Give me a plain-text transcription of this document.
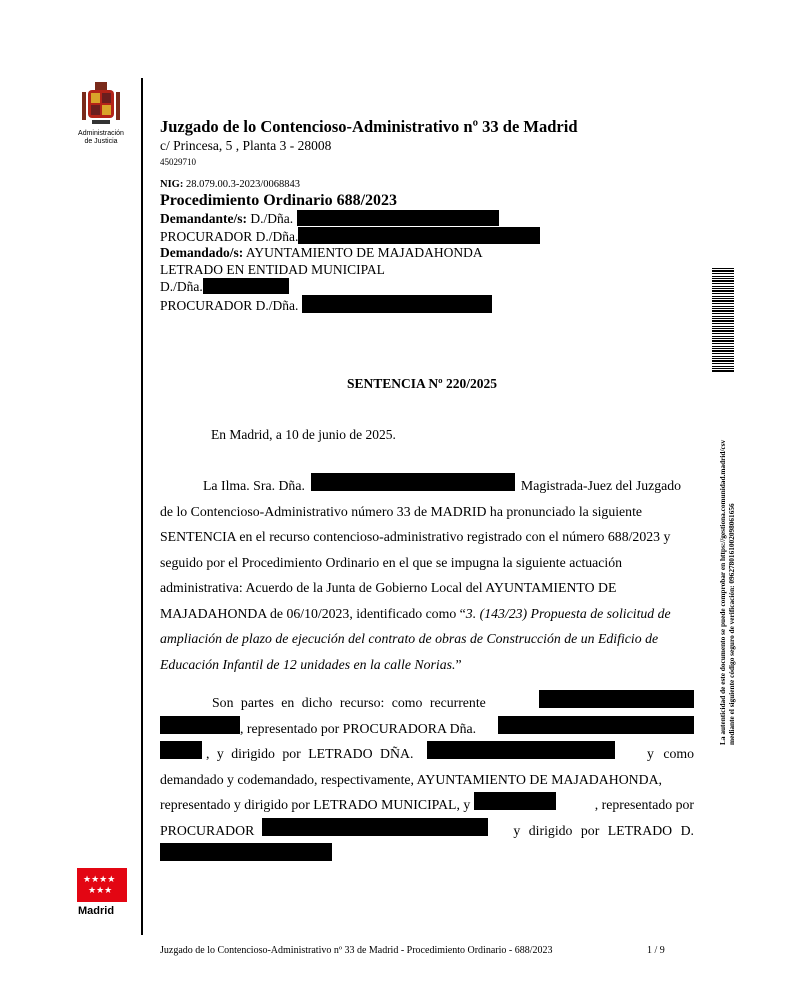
Administración
de Justicia
Juzgado de lo Contencioso-Administrativo nº 33 de Madrid
c/ Princesa, 5 , Planta 3 - 28008
45029710
NIG: 28.079.00.3-2023/0068843
Procedimiento Ordinario 688/2023
Demandante/s: D./Dña.
PROCURADOR D./Dña.
Demandado/s: AYUNTAMIENTO DE MAJADAHONDA
LETRADO EN ENTIDAD MUNICIPAL
D./Dña.
PROCURADOR D./Dña.
SENTENCIA Nº 220/2025
En Madrid, a 10 de junio de 2025.
La Ilma. Sra. Dña.	Magistrada-Juez del Juzgado
de lo Contencioso-Administrativo número 33 de MADRID ha pronunciado la siguiente
SENTENCIA en el recurso contencioso-administrativo registrado con el número 688/2023 y
seguido por el Procedimiento Ordinario en el que se impugna la siguiente actuación
administrativa: Acuerdo de la Junta de Gobierno Local del AYUNTAMIENTO DE
MAJADAHONDA de 06/10/2023, identificado como “ 3. (143/23) Propuesta de solicitud de
ampliación de plazo de ejecución del contrato de obras de Construcción de un Edificio de
Educación Infantil de 12 unidades en la calle Norias. ”
Son partes en dicho recurso: como recurrente
, representado por PROCURADORA Dña.
, y dirigido por LETRADO DÑA.	y como
demandado y codemandado, respectivamente, AYUNTAMIENTO DE MAJADAHONDA,
representado y dirigido por LETRADO MUNICIPAL, y	, representado por
PROCURADOR	y dirigido por LETRADO D.
La autenticidad de este documento se puede comprobar en https://gestiona.comunidad.madrid/csv mediante el siguiente código seguro de verificación: 0962780161002098061656
★★★★
★★★
Madrid
Juzgado de lo Contencioso-Administrativo nº 33 de Madrid - Procedimiento Ordinario - 688/2023	1 / 9
